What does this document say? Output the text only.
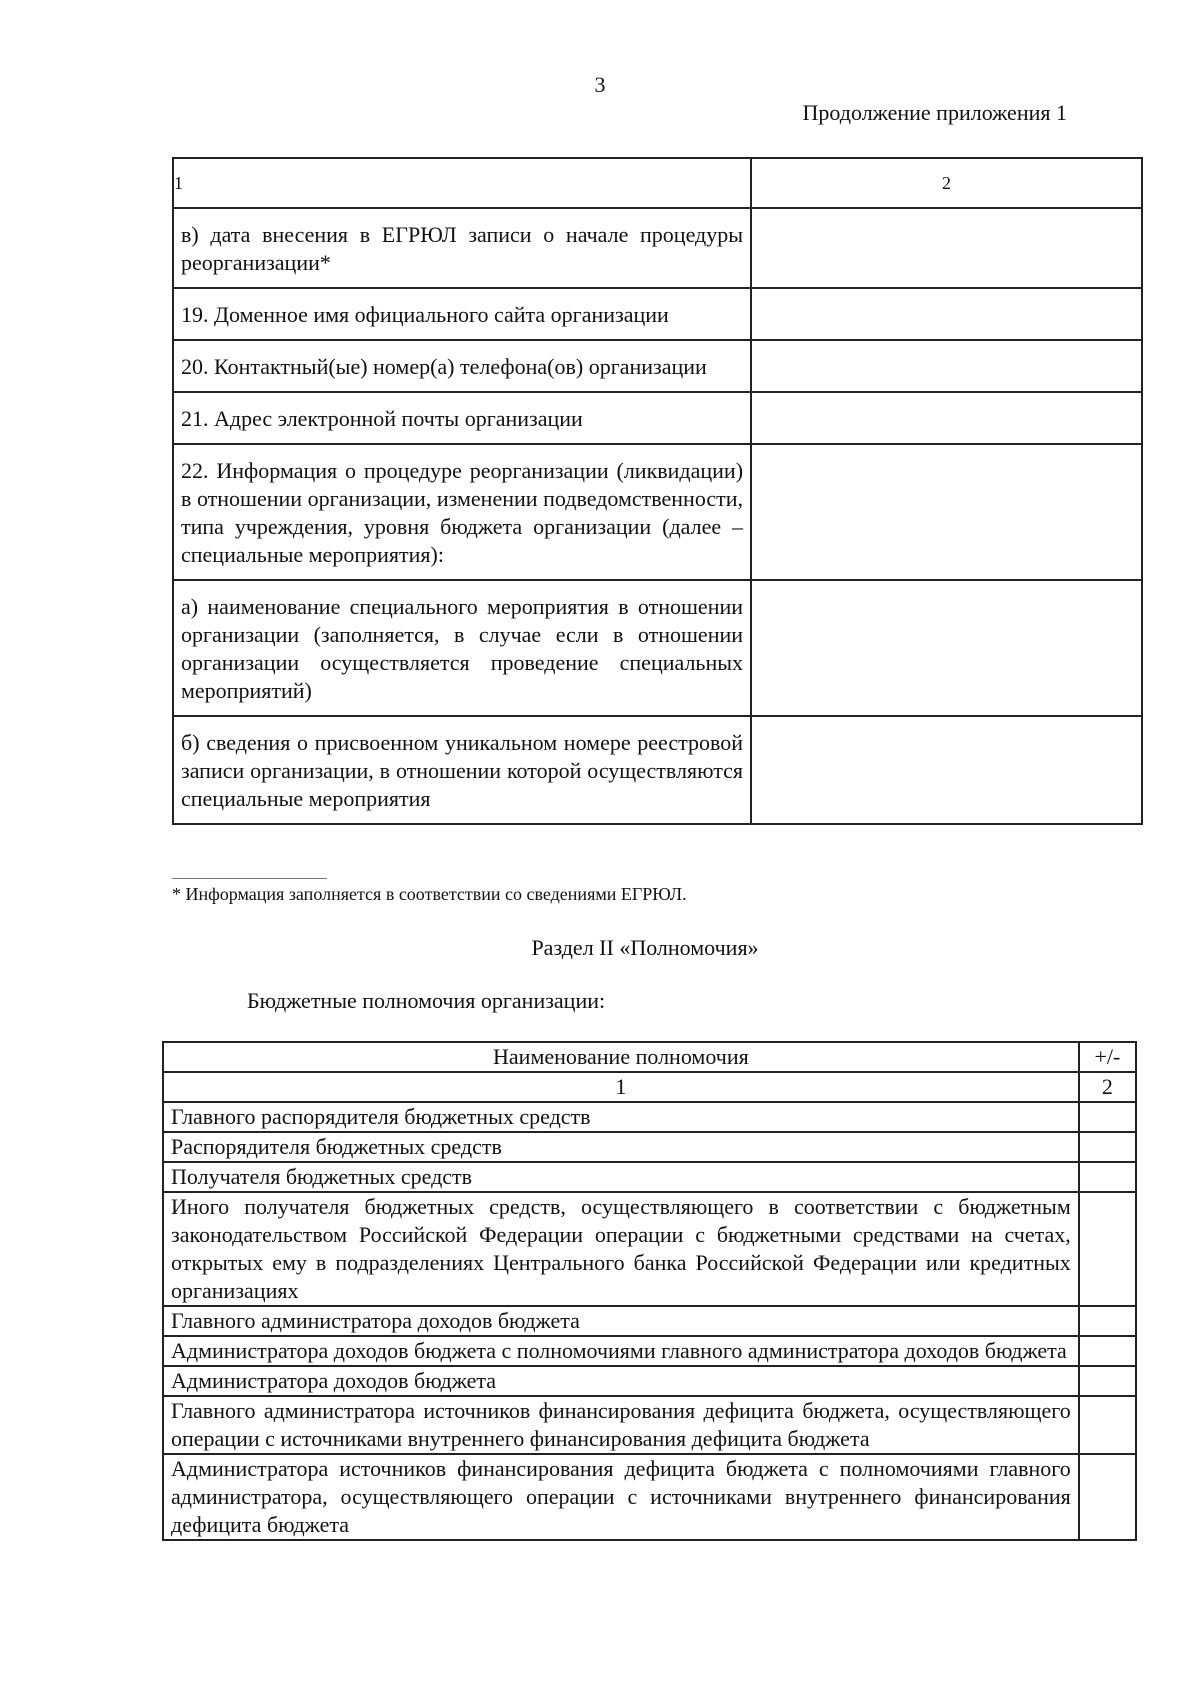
3
Продолжение приложения 1
1	2
в) дата внесения в ЕГРЮЛ записи о начале процедуры реорганизации*	
19. Доменное имя официального сайта организации	
20. Контактный(ые) номер(а) телефона(ов) организации	
21. Адрес электронной почты организации	
22. Информация о процедуре реорганизации (ликвидации) в отношении организации, изменении подведомственности, типа учреждения, уровня бюджета организации (далее – специальные мероприятия):	
а) наименование специального мероприятия в отношении организации (заполняется, в случае если в отношении организации осуществляется проведение специальных мероприятий)	
б) сведения о присвоенном уникальном номере реестровой записи организации, в отношении которой осуществляются специальные мероприятия	
* Информация заполняется в соответствии со сведениями ЕГРЮЛ.
Раздел II «Полномочия»
Бюджетные полномочия организации:
Наименование полномочия	+/-
1	2
Главного распорядителя бюджетных средств	
Распорядителя бюджетных средств	
Получателя бюджетных средств	
Иного получателя бюджетных средств, осуществляющего в соответствии с бюджетным законодательством Российской Федерации операции с бюджетными средствами на счетах, открытых ему в подразделениях Центрального банка Российской Федерации или кредитных организациях	
Главного администратора доходов бюджета	
Администратора доходов бюджета с полномочиями главного администратора доходов бюджета	
Администратора доходов бюджета	
Главного администратора источников финансирования дефицита бюджета, осуществляющего операции с источниками внутреннего финансирования дефицита бюджета	
Администратора источников финансирования дефицита бюджета с полномочиями главного администратора, осуществляющего операции с источниками внутреннего финансирования дефицита бюджета	
